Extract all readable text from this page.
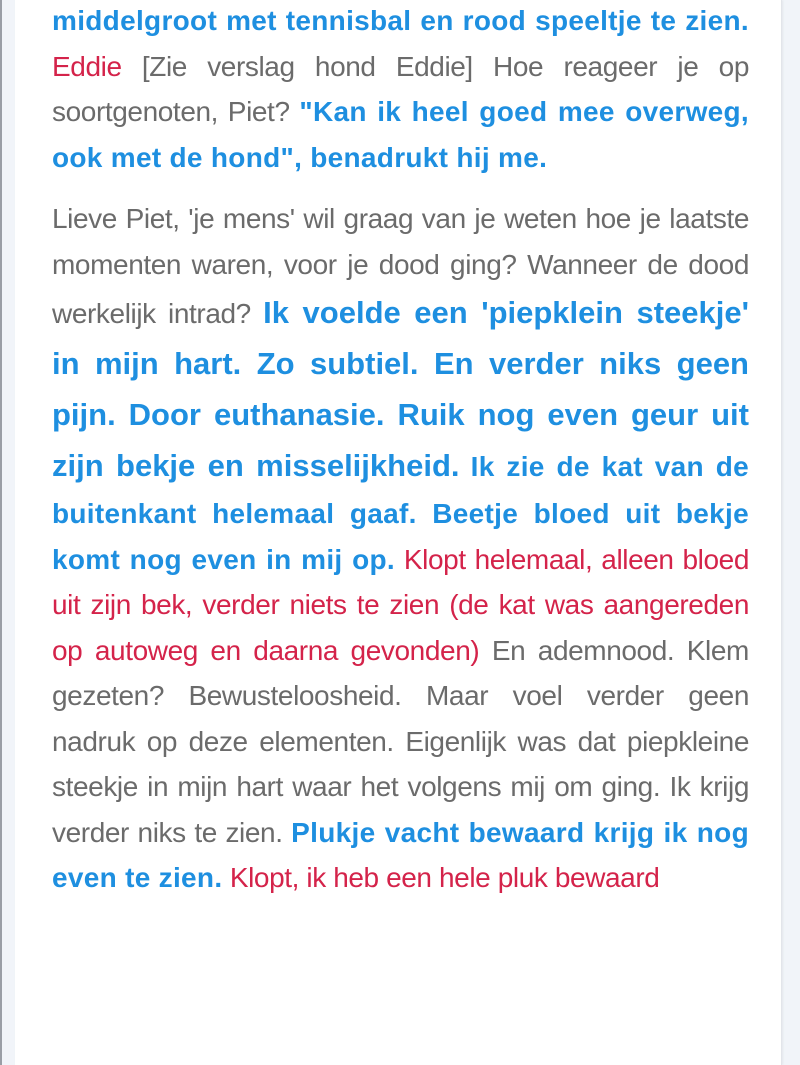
middelgroot met tennisbal en rood speeltje te zien. Eddie [Zie verslag hond Eddie] Hoe reageer je op soortgenoten, Piet? "Kan ik heel goed mee overweg, ook met de hond", benadrukt hij me.

Lieve Piet, 'je mens' wil graag van je weten hoe je laatste momenten waren, voor je dood ging? Wanneer de dood werkelijk intrad? Ik voelde een 'piepklein steekje' in mijn hart. Zo subtiel. En verder niks geen pijn. Door euthanasie. Ruik nog even geur uit zijn bekje en misselijkheid. Ik zie de kat van de buitenkant helemaal gaaf. Beetje bloed uit bekje komt nog even in mij op. Klopt helemaal, alleen bloed uit zijn bek, verder niets te zien (de kat was aangereden op autoweg en daarna gevonden) En ademnood. Klem gezeten? Bewusteloosheid. Maar voel verder geen nadruk op deze elementen. Eigenlijk was dat piepkleine steekje in mijn hart waar het volgens mij om ging. Ik krijg verder niks te zien. Plukje vacht bewaard krijg ik nog even te zien. Klopt, ik heb een hele pluk bewaard
